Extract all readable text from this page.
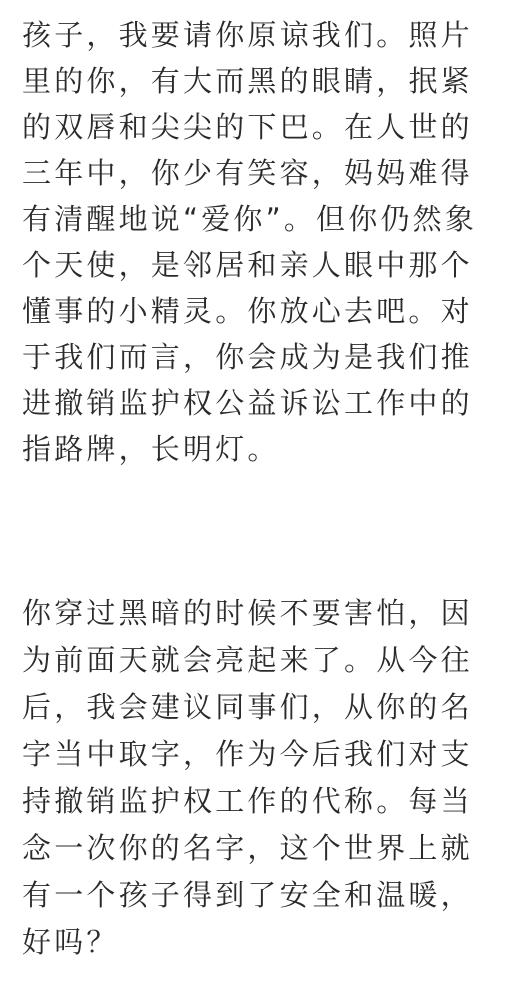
孩子，我要请你原谅我们。照片
里的你，有大而黑的眼睛，抿紧
的双唇和尖尖的下巴。在人世的
三年中，你少有笑容，妈妈难得
有清醒地说“爱你”。但你仍然象
个天使，是邻居和亲人眼中那个
懂事的小精灵。你放心去吧。对
于我们而言，你会成为是我们推
进撤销监护权公益诉讼工作中的
指路牌，长明灯。
你穿过黑暗的时候不要害怕，因
为前面天就会亮起来了。从今往
后，我会建议同事们，从你的名
字当中取字，作为今后我们对支
持撤销监护权工作的代称。每当
念一次你的名字，这个世界上就
有一个孩子得到了安全和温暖，
好吗？
